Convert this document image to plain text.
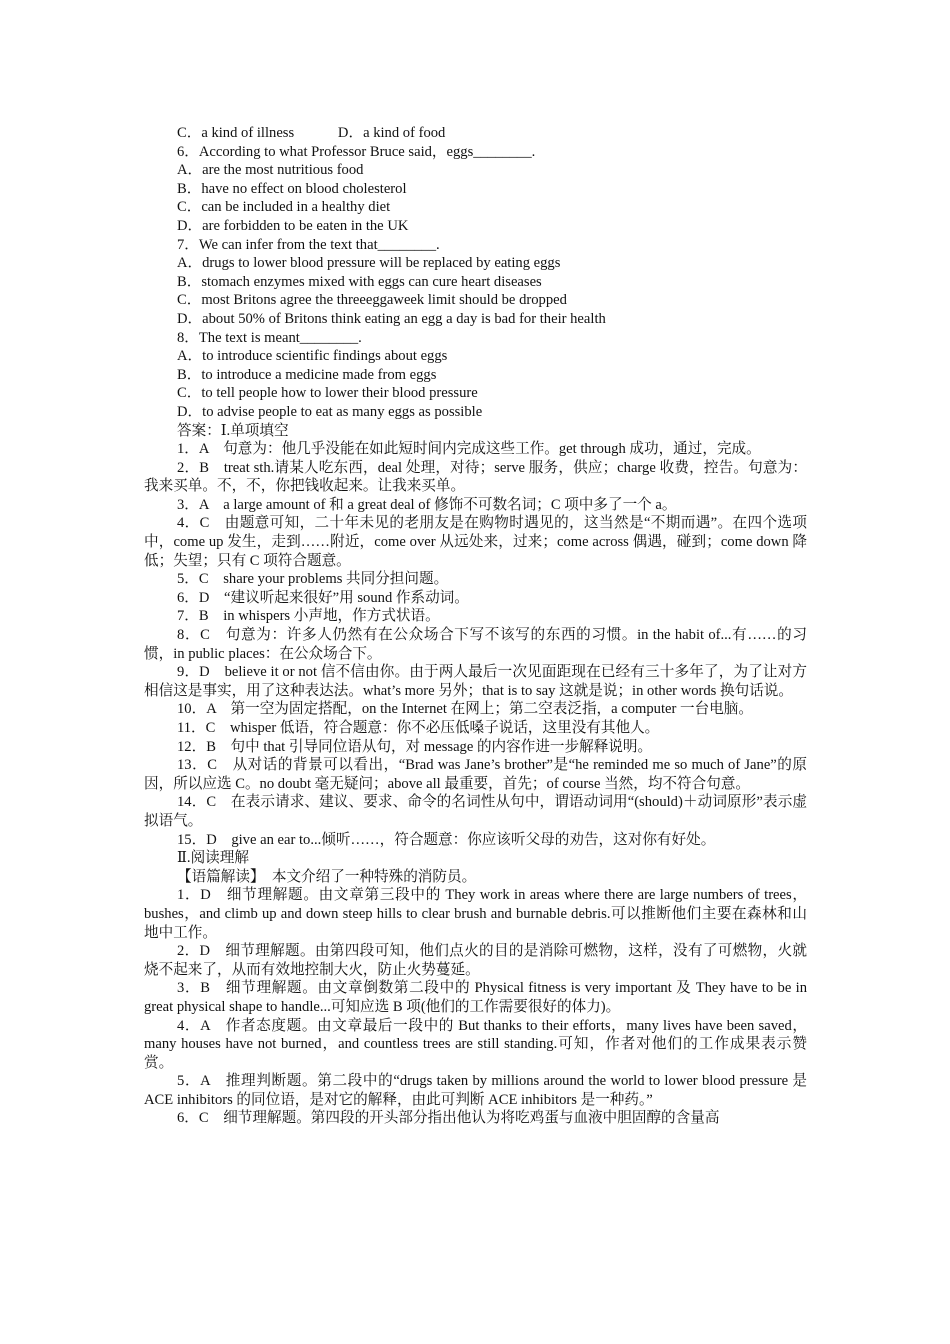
C．a kind of illness　　　D．a kind of food
6．According to what Professor Bruce said，eggs________.
A．are the most nutritious food
B．have no effect on blood cholesterol
C．can be included in a healthy diet
D．are forbidden to be eaten in the UK
7．We can infer from the text that________.
A．drugs to lower blood pressure will be replaced by eating eggs
B．stomach enzymes mixed with eggs can cure heart diseases
C．most Britons agree the threeeggaweek limit should be dropped
D．about 50% of Britons think eating an egg a day is bad for their health
8．The text is meant________.
A．to introduce scientific findings about eggs
B．to introduce a medicine made from eggs
C．to tell people how to lower their blood pressure
D．to advise people to eat as many eggs as possible
答案：Ⅰ.单项填空
1．A　句意为：他几乎没能在如此短时间内完成这些工作。get through 成功，通过，完成。
2．B　treat sth.请某人吃东西，deal 处理，对待；serve 服务，供应；charge 收费，控告。句意为：我来买单。不，不，你把钱收起来。让我来买单。
3．A　a large amount of 和 a great deal of 修饰不可数名词；C 项中多了一个 a。
4．C　由题意可知，二十年未见的老朋友是在购物时遇见的，这当然是“不期而遇”。在四个选项中，come up 发生，走到……附近，come over 从远处来，过来；come across 偶遇，碰到；come down 降低；失望；只有 C 项符合题意。
5．C　share your problems 共同分担问题。
6．D　“建议听起来很好”用 sound 作系动词。
7．B　in whispers 小声地，作方式状语。
8．C　句意为：许多人仍然有在公众场合下写不该写的东西的习惯。in the habit of...有……的习惯，in public places：在公众场合下。
9．D　believe it or not 信不信由你。由于两人最后一次见面距现在已经有三十多年了，为了让对方相信这是事实，用了这种表达法。what’s more 另外；that is to say 这就是说；in other words 换句话说。
10．A　第一空为固定搭配，on the Internet 在网上；第二空表泛指，a computer 一台电脑。
11．C　whisper 低语，符合题意：你不必压低嗓子说话，这里没有其他人。
12．B　句中 that 引导同位语从句，对 message 的内容作进一步解释说明。
13．C　从对话的背景可以看出，“Brad was Jane’s brother”是“he reminded me so much of Jane”的原因，所以应选 C。no doubt 毫无疑问；above all 最重要，首先；of course 当然，均不符合句意。
14．C　在表示请求、建议、要求、命令的名词性从句中，谓语动词用“(should)＋动词原形”表示虚拟语气。
15．D　give an ear to...倾听……，符合题意：你应该听父母的劝告，这对你有好处。
Ⅱ.阅读理解
【语篇解读】　本文介绍了一种特殊的消防员。
1．D　细节理解题。由文章第三段中的 They work in areas where there are large numbers of trees，bushes，and climb up and down steep hills to clear brush and burnable debris.可以推断他们主要在森林和山地中工作。
2．D　细节理解题。由第四段可知，他们点火的目的是消除可燃物，这样，没有了可燃物，火就烧不起来了，从而有效地控制大火，防止火势蔓延。
3．B　细节理解题。由文章倒数第二段中的 Physical fitness is very important 及 They have to be in great physical shape to handle...可知应选 B 项(他们的工作需要很好的体力)。
4．A　作者态度题。由文章最后一段中的 But thanks to their efforts，many lives have been saved，many houses have not burned，and countless trees are still standing.可知，作者对他们的工作成果表示赞赏。
5．A　推理判断题。第二段中的“drugs taken by millions around the world to lower blood pressure 是 ACE inhibitors 的同位语，是对它的解释，由此可判断 ACE inhibitors 是一种药。”
6．C　细节理解题。第四段的开头部分指出他认为将吃鸡蛋与血液中胆固醇的含量高
